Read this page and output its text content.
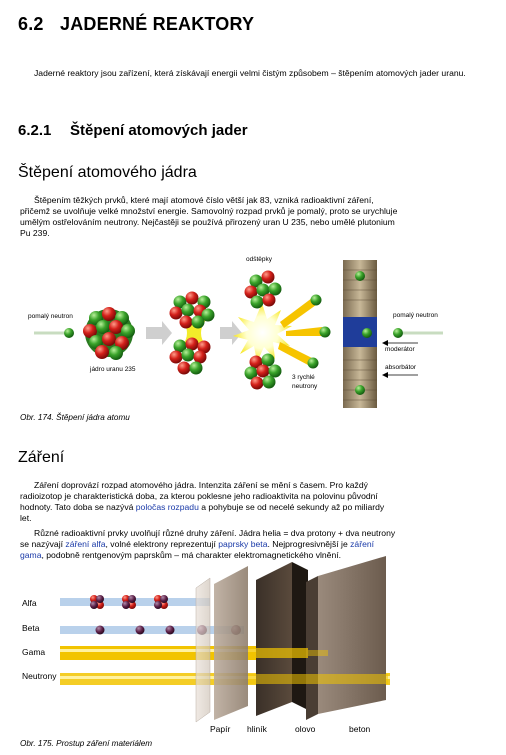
6.2 JADERNÉ REAKTORY
Jaderné reaktory jsou zařízení, která získávají energii velmi čistým způsobem – štěpením atomových jader uranu.
6.2.1 Štěpení atomových jader
Štěpení atomového jádra
Štěpením těžkých prvků, které mají atomové číslo větší jak 83, vzniká radioaktivní záření,
přičemž se uvolňuje velké množství energie. Samovolný rozpad prvků je pomalý, proto se urychluje
umělým ostřelováním neutrony. Nejčastěji se používá přirozený uran U 235, nebo umělé plutonium
Pu 239.
pomalý neutron
jádro uranu 235
odštěpky
3 rychlé
neutrony
pomalý neutron
moderátor
absorbátor
Obr. 174. Štěpení jádra atomu
Záření
Záření doprovází rozpad atomového jádra. Intenzita záření se mění s časem. Pro každý
radioizotop je charakteristická doba, za kterou poklesne jeho radioaktivita na polovinu původní
hodnoty. Tato doba se nazývá poločas rozpadu a pohybuje se od necelé sekundy až po miliardy
let.
Různé radioaktivní prvky uvolňují různé druhy záření. Jádra helia = dva protony + dva neutrony
se nazývají záření alfa, volné elektrony reprezentují paprsky beta. Nejprogresivnější je záření
gama, podobně rentgenovým paprskům – má charakter elektromagnetického vlnění.
Alfa
Beta
Gama
Neutrony
Papír hliník	olovo	beton
Obr. 175. Prostup záření materiálem
